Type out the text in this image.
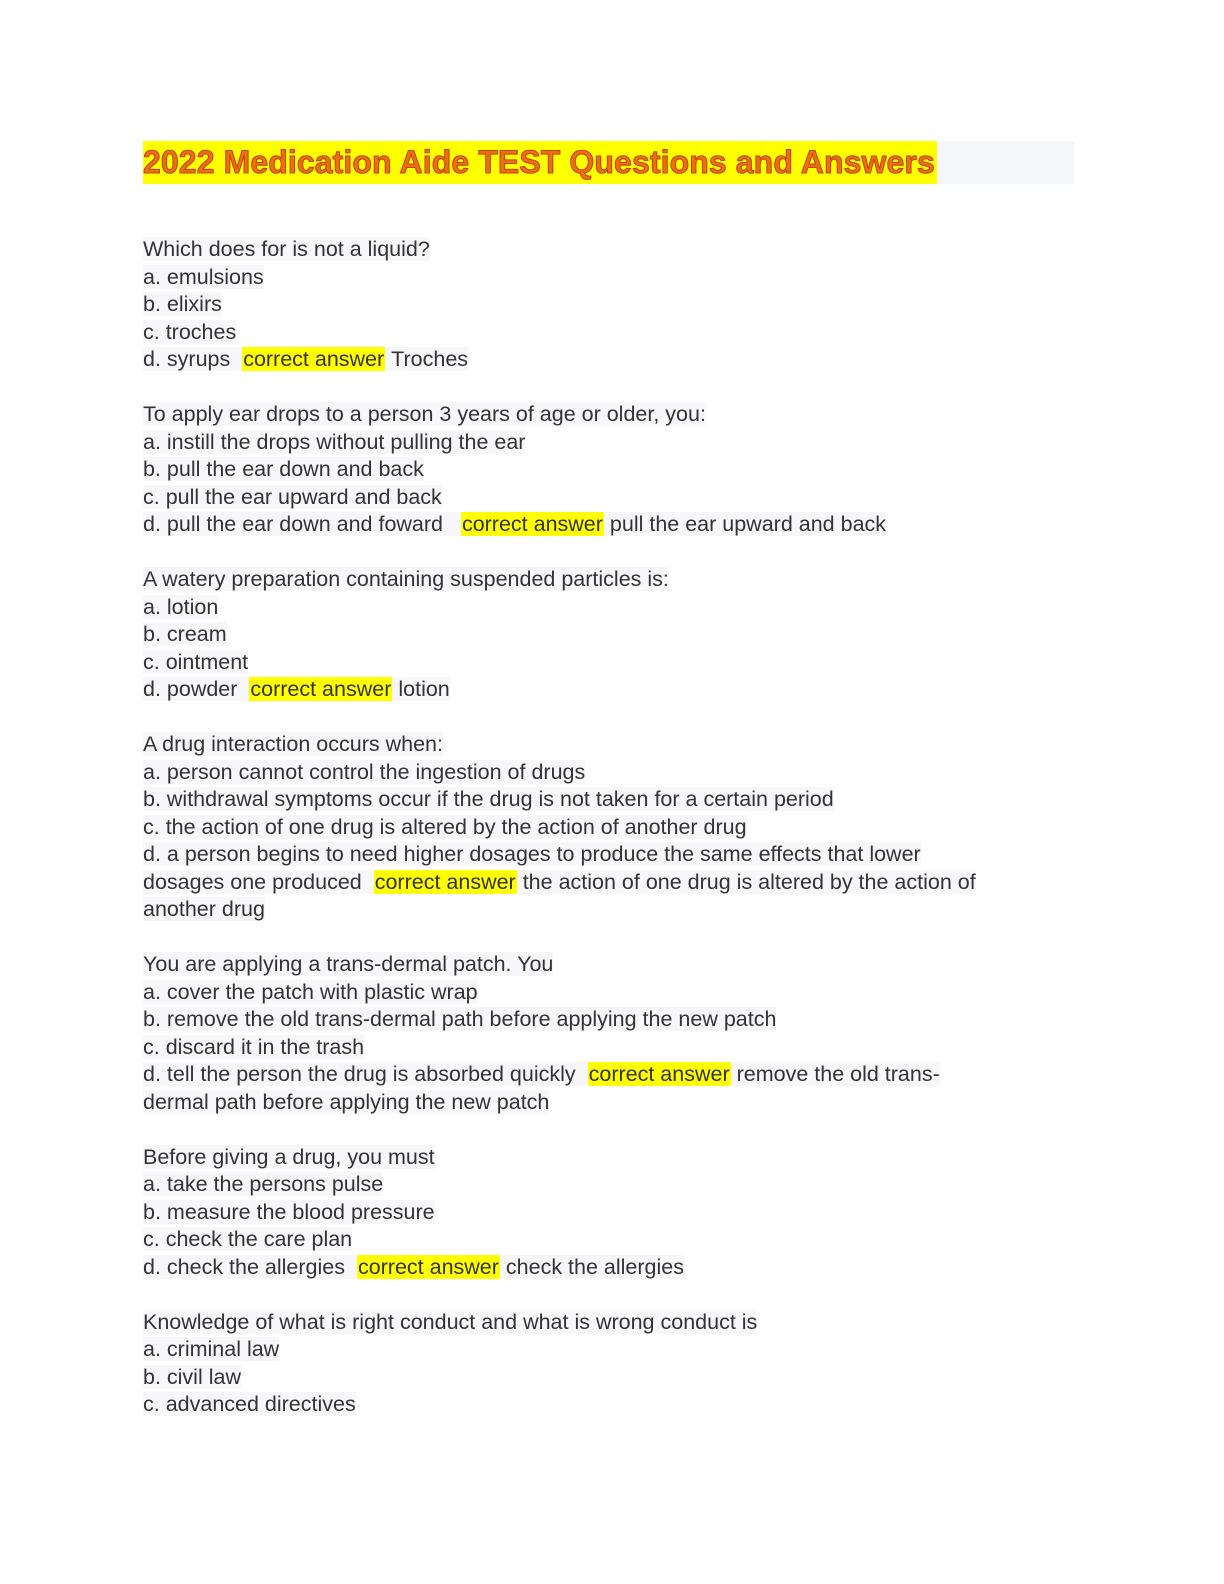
2022 Medication Aide TEST Questions and Answers
Which does for is not a liquid?
a. emulsions
b. elixirs
c. troches
d. syrups correct answer Troches
To apply ear drops to a person 3 years of age or older, you:
a. instill the drops without pulling the ear
b. pull the ear down and back
c. pull the ear upward and back
d. pull the ear down and foward correct answer pull the ear upward and back
A watery preparation containing suspended particles is:
a. lotion
b. cream
c. ointment
d. powder correct answer lotion
A drug interaction occurs when:
a. person cannot control the ingestion of drugs
b. withdrawal symptoms occur if the drug is not taken for a certain period
c. the action of one drug is altered by the action of another drug
d. a person begins to need higher dosages to produce the same effects that lower
dosages one produced correct answer the action of one drug is altered by the action of
another drug
You are applying a trans-dermal patch. You
a. cover the patch with plastic wrap
b. remove the old trans-dermal path before applying the new patch
c. discard it in the trash
d. tell the person the drug is absorbed quickly correct answer remove the old trans-
dermal path before applying the new patch
Before giving a drug, you must
a. take the persons pulse
b. measure the blood pressure
c. check the care plan
d. check the allergies correct answer check the allergies
Knowledge of what is right conduct and what is wrong conduct is
a. criminal law
b. civil law
c. advanced directives
